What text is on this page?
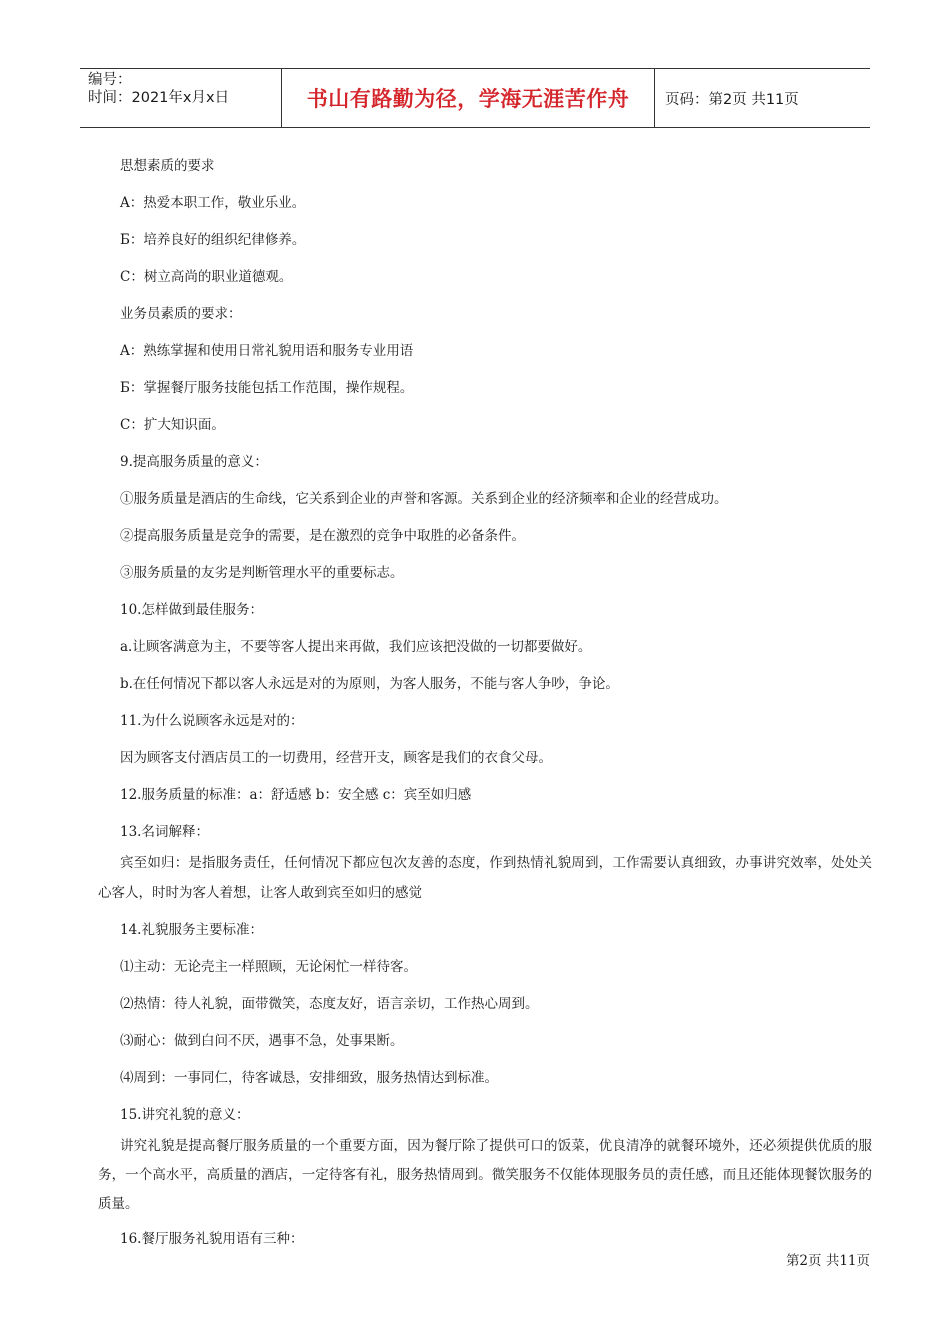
编号：
时间：2021年x月x日	书山有路勤为径，学海无涯苦作舟 页码：第2页 共11页
思想素质的要求
A：热爱本职工作，敬业乐业。
Б：培养良好的组织纪律修养。
C：树立高尚的职业道德观。
业务员素质的要求：
A：熟练掌握和使用日常礼貌用语和服务专业用语
Б：掌握餐厅服务技能包括工作范围，操作规程。
C：扩大知识面。
9.提高服务质量的意义：
①服务质量是酒店的生命线，它关系到企业的声誉和客源。关系到企业的经济频率和企业的经营成功。
②提高服务质量是竞争的需要，是在激烈的竞争中取胜的必备条件。
③服务质量的友劣是判断管理水平的重要标志。
10.怎样做到最佳服务：
a.让顾客满意为主，不要等客人提出来再做，我们应该把没做的一切都要做好。
b.在任何情况下都以客人永远是对的为原则，为客人服务，不能与客人争吵，争论。
11.为什么说顾客永远是对的：
因为顾客支付酒店员工的一切费用，经营开支，顾客是我们的衣食父母。
12.服务质量的标准：a：舒适感 b：安全感 c：宾至如归感
13.名词解释：
宾至如归：是指服务责任，任何情况下都应包次友善的态度，作到热情礼貌周到，工作需要认真细致，办事讲究效率，处处关心客人，时时为客人着想，让客人敢到宾至如归的感觉
14.礼貌服务主要标准：
⑴主动：无论壳主一样照顾，无论闲忙一样待客。
⑵热情：待人礼貌，面带微笑，态度友好，语言亲切，工作热心周到。
⑶耐心：做到白问不厌，遇事不急，处事果断。
⑷周到：一事同仁，待客诚恳，安排细致，服务热情达到标准。
15.讲究礼貌的意义：
讲究礼貌是提高餐厅服务质量的一个重要方面，因为餐厅除了提供可口的饭菜，优良清净的就餐环境外，还必须提供优质的服务，一个高水平，高质量的酒店，一定待客有礼，服务热情周到。微笑服务不仅能体现服务员的责任感，而且还能体现餐饮服务的质量。
16.餐厅服务礼貌用语有三种：
第2页 共11页
